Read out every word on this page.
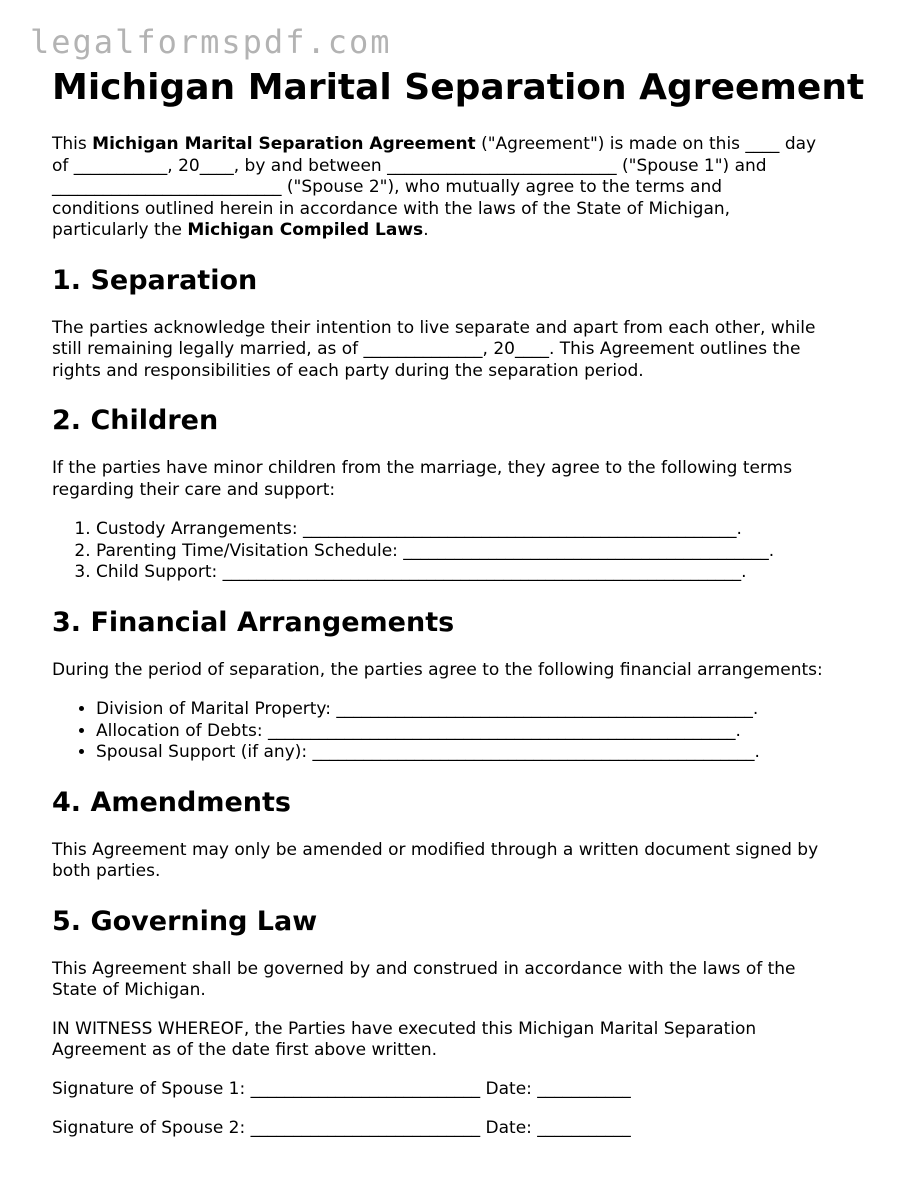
legalformspdf.com
Michigan Marital Separation Agreement

This Michigan Marital Separation Agreement ("Agreement") is made on this ____ day
of ___________, 20____, by and between ___________________________ ("Spouse 1") and
___________________________ ("Spouse 2"), who mutually agree to the terms and
conditions outlined herein in accordance with the laws of the State of Michigan,
particularly the Michigan Compiled Laws.

1. Separation

The parties acknowledge their intention to live separate and apart from each other, while
still remaining legally married, as of ______________, 20____. This Agreement outlines the
rights and responsibilities of each party during the separation period.

2. Children

If the parties have minor children from the marriage, they agree to the following terms
regarding their care and support:

1. Custody Arrangements: ___________________________________________________.
2. Parenting Time/Visitation Schedule: ___________________________________________.
3. Child Support: _____________________________________________________________.
3. Financial Arrangements

During the period of separation, the parties agree to the following financial arrangements:

• Division of Marital Property: _________________________________________________.
• Allocation of Debts: _______________________________________________________.
• Spousal Support (if any): ____________________________________________________.
4. Amendments

This Agreement may only be amended or modified through a written document signed by
both parties.

5. Governing Law

This Agreement shall be governed by and construed in accordance with the laws of the
State of Michigan.

IN WITNESS WHEREOF, the Parties have executed this Michigan Marital Separation
Agreement as of the date first above written.

Signature of Spouse 1: ___________________________ Date: ___________
Signature of Spouse 2: ___________________________ Date: ___________
